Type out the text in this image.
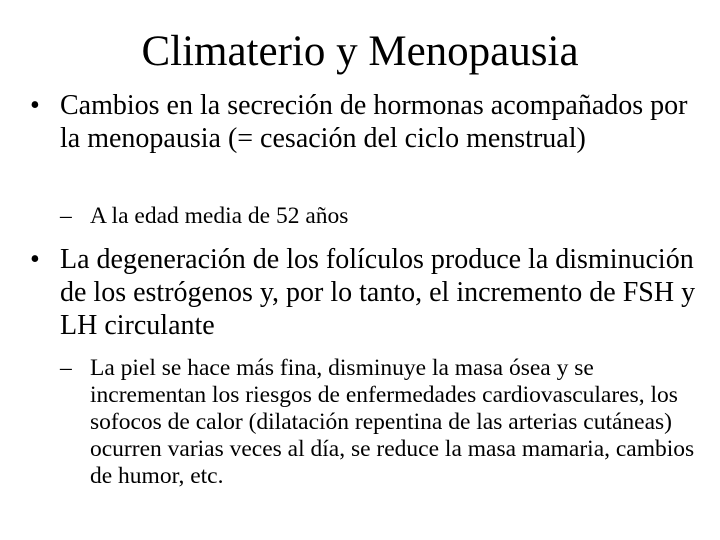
Climaterio y Menopausia
• Cambios en la secreción de hormonas acompañados por la menopausia (= cesación del ciclo menstrual)
– A la edad media de 52 años
• La degeneración de los folículos produce la disminución de los estrógenos y, por lo tanto, el incremento de FSH y LH circulante
– La piel se hace más fina, disminuye la masa ósea y se incrementan los riesgos de enfermedades cardiovasculares, los sofocos de calor (dilatación repentina de las arterias cutáneas) ocurren varias veces al día, se reduce la masa mamaria, cambios de humor, etc.
